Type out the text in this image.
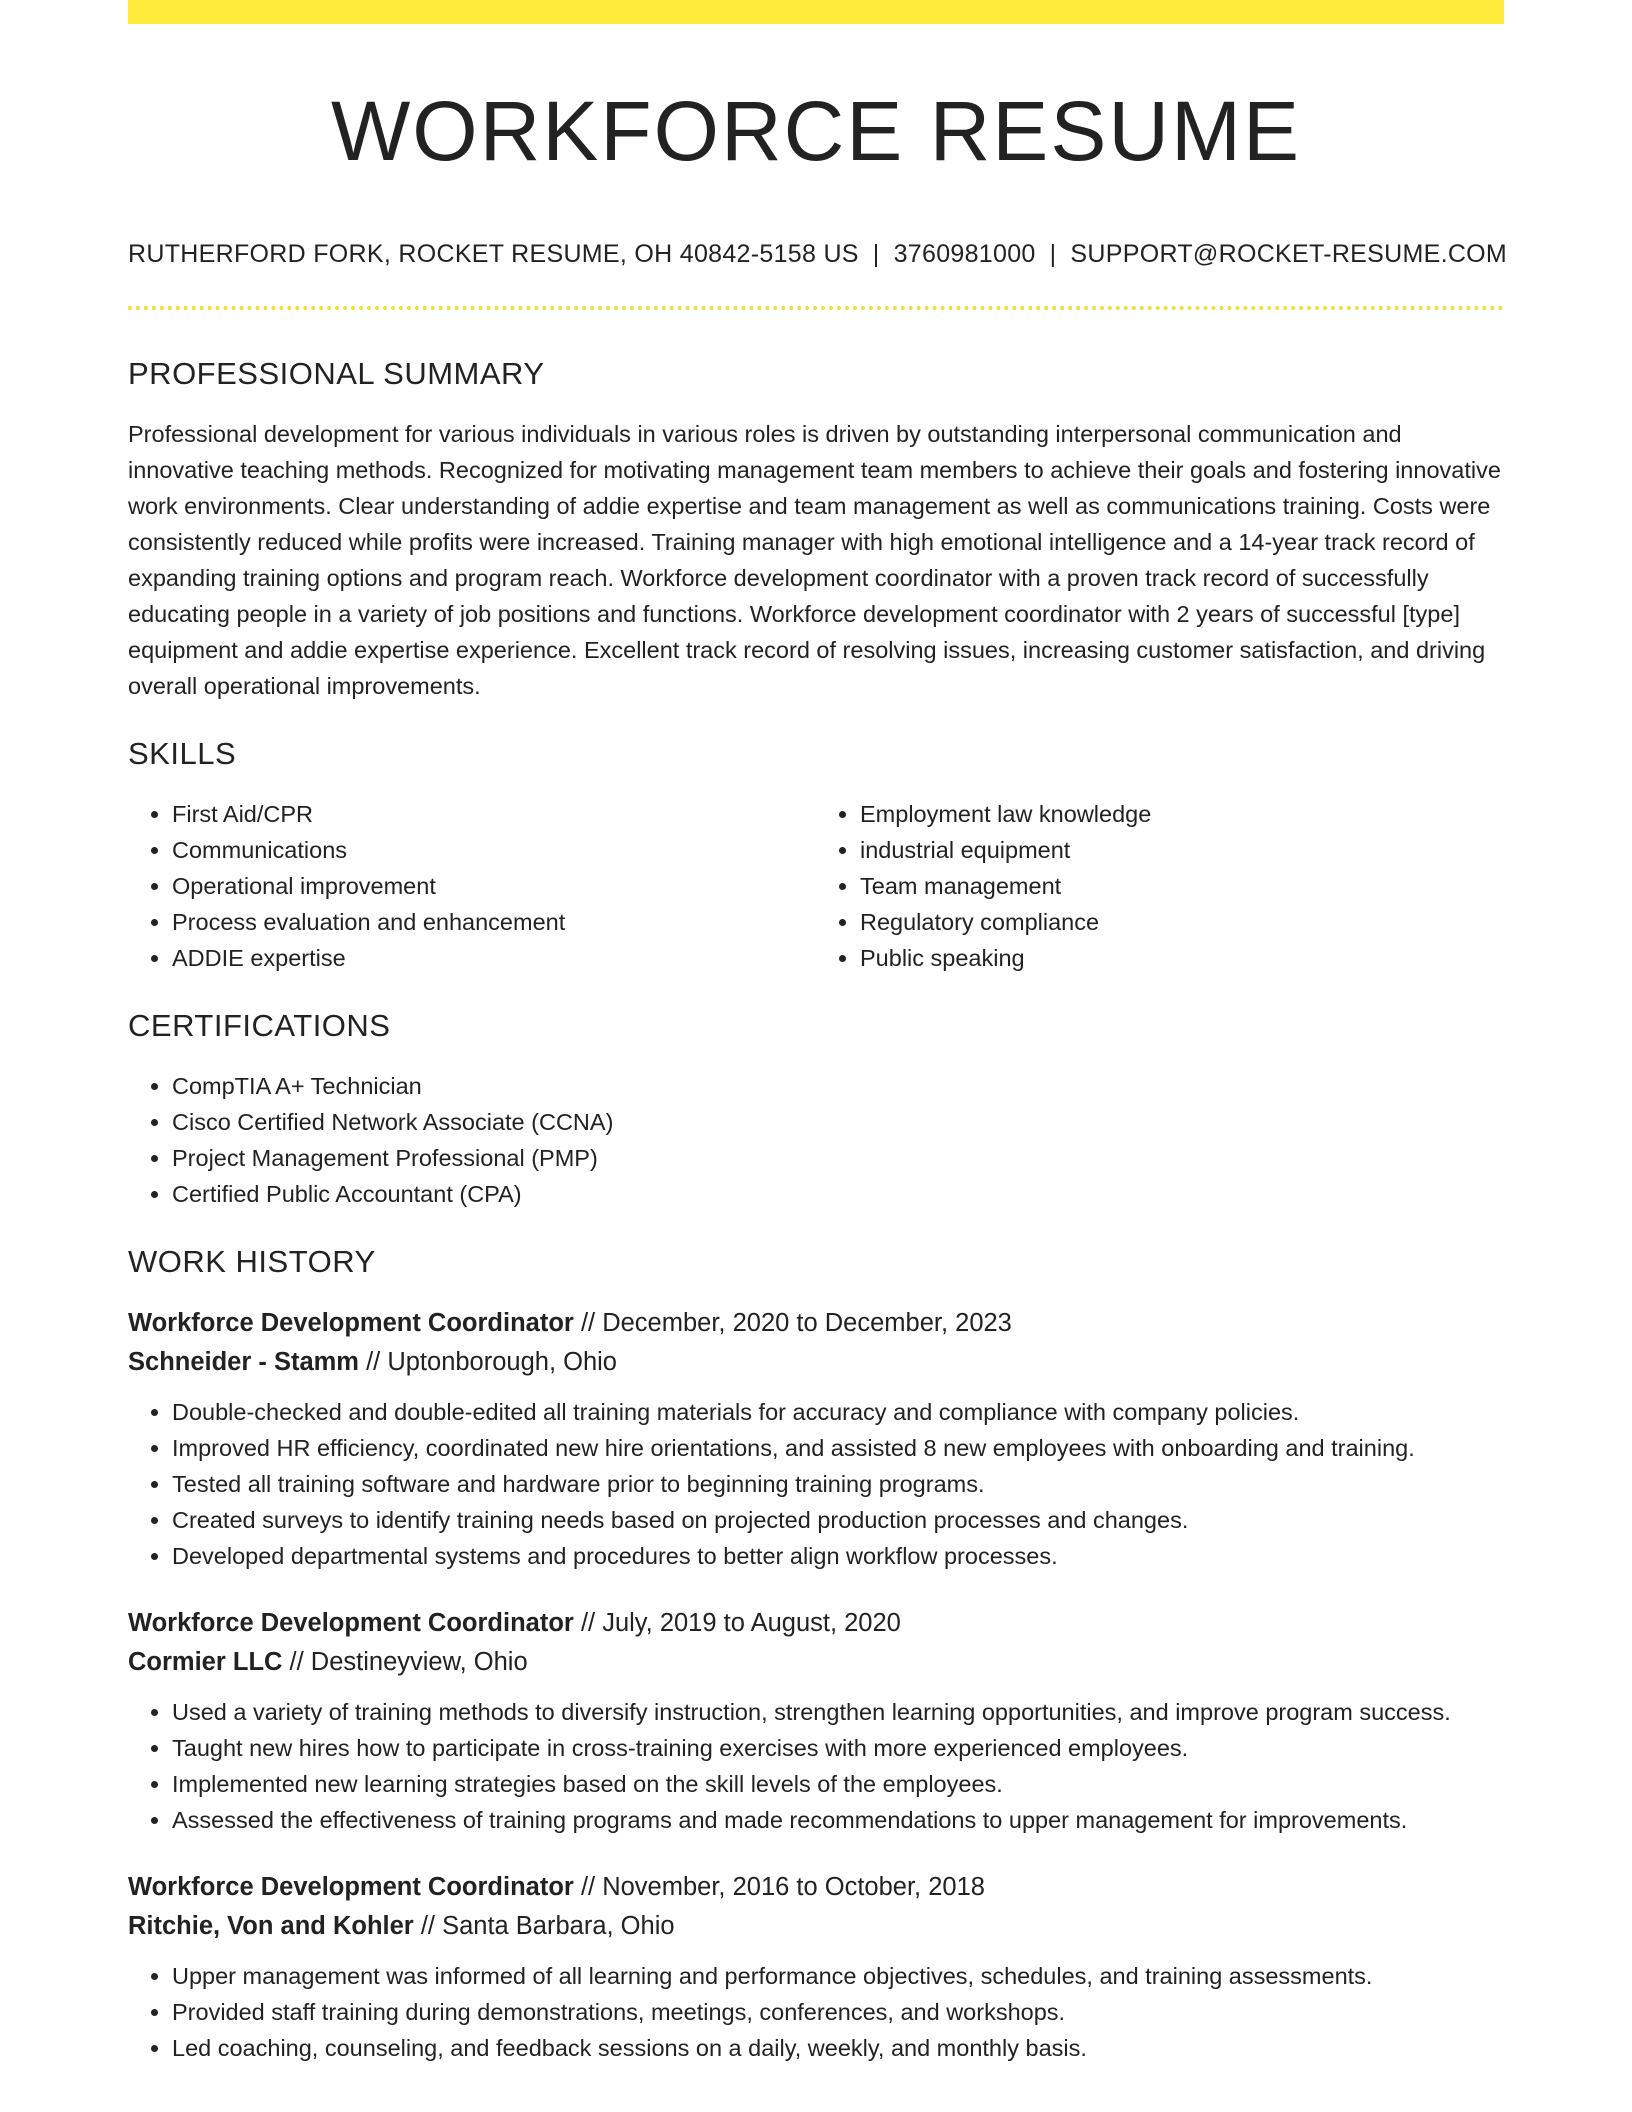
WORKFORCE RESUME
RUTHERFORD FORK, ROCKET RESUME, OH 40842-5158 US | 3760981000 | SUPPORT@ROCKET-RESUME.COM
PROFESSIONAL SUMMARY

Professional development for various individuals in various roles is driven by outstanding interpersonal communication and innovative teaching methods. Recognized for motivating management team members to achieve their goals and fostering innovative work environments. Clear understanding of addie expertise and team management as well as communications training. Costs were consistently reduced while profits were increased. Training manager with high emotional intelligence and a 14-year track record of expanding training options and program reach. Workforce development coordinator with a proven track record of successfully educating people in a variety of job positions and functions. Workforce development coordinator with 2 years of successful [type] equipment and addie expertise experience. Excellent track record of resolving issues, increasing customer satisfaction, and driving overall operational improvements.

SKILLS
• First Aid/CPR
• Communications
• Operational improvement
• Process evaluation and enhancement
• ADDIE expertise
• Employment law knowledge
• industrial equipment
• Team management
• Regulatory compliance
• Public speaking
CERTIFICATIONS
• CompTIA A+ Technician
• Cisco Certified Network Associate (CCNA)
• Project Management Professional (PMP)
• Certified Public Accountant (CPA)
WORK HISTORY
Workforce Development Coordinator // December, 2020 to December, 2023
Schneider - Stamm // Uptonborough, Ohio
• Double-checked and double-edited all training materials for accuracy and compliance with company policies.
• Improved HR efficiency, coordinated new hire orientations, and assisted 8 new employees with onboarding and training.
• Tested all training software and hardware prior to beginning training programs.
• Created surveys to identify training needs based on projected production processes and changes.
• Developed departmental systems and procedures to better align workflow processes.
Workforce Development Coordinator // July, 2019 to August, 2020
Cormier LLC // Destineyview, Ohio
• Used a variety of training methods to diversify instruction, strengthen learning opportunities, and improve program success.
• Taught new hires how to participate in cross-training exercises with more experienced employees.
• Implemented new learning strategies based on the skill levels of the employees.
• Assessed the effectiveness of training programs and made recommendations to upper management for improvements.
Workforce Development Coordinator // November, 2016 to October, 2018
Ritchie, Von and Kohler // Santa Barbara, Ohio
• Upper management was informed of all learning and performance objectives, schedules, and training assessments.
• Provided staff training during demonstrations, meetings, conferences, and workshops.
• Led coaching, counseling, and feedback sessions on a daily, weekly, and monthly basis.
